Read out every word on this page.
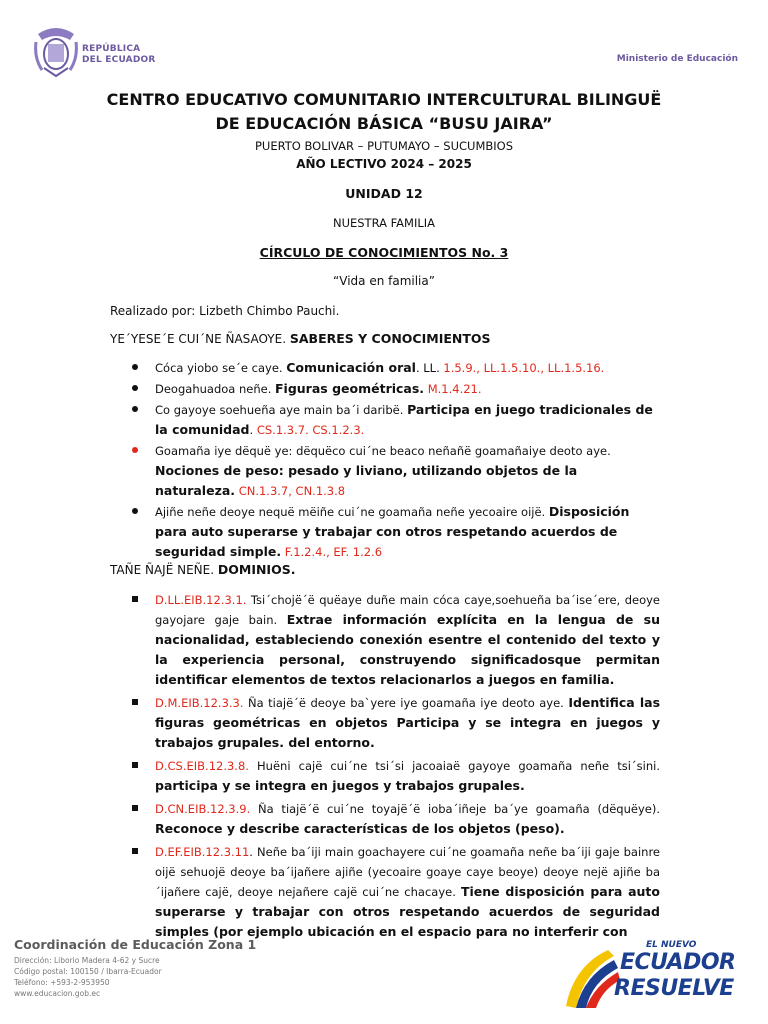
REPÚBLICA
DEL ECUADOR	Ministerio de Educación
CENTRO EDUCATIVO COMUNITARIO INTERCULTURAL BILINGUË
DE EDUCACIÓN BÁSICA “BUSU JAIRA”
PUERTO BOLIVAR – PUTUMAYO – SUCUMBIOS
AÑO LECTIVO 2024 – 2025
UNIDAD 12
NUESTRA FAMILIA
CÍRCULO DE CONOCIMIENTOS No. 3
“Vida en familia”
Realizado por: Lizbeth Chimbo Pauchi.
YE´YESE´E CUI´NE ÑASAOYE. SABERES Y CONOCIMIENTOS
Cóca yiobo se´e caye. Comunicación oral. LL. 1.5.9., LL.1.5.10., LL.1.5.16.
Deogahuadoa neñe. Figuras geométricas. M.1.4.21.
Co gayoye soehueña aye main ba´i daribë. Participa en juego tradicionales de la comunidad. CS.1.3.7. CS.1.2.3.
Goamaña iye dëquë ye: dëquëco cui´ne beaco neñañë goamañaiye deoto aye. Nociones de peso: pesado y liviano, utilizando objetos de la naturaleza. CN.1.3.7, CN.1.3.8
Ajiñe neñe deoye nequë mëiñe cui´ne goamaña neñe yecoaire oijë. Disposición para auto superarse y trabajar con otros respetando acuerdos de seguridad simple. F.1.2.4., EF. 1.2.6
TAÑE ÑAJË NEÑE. DOMINIOS.
D.LL.EIB.12.3.1. Tsi´chojë´ë quëaye duñe main cóca caye,soehueña ba´ise´ere, deoye gayojare gaje bain. Extrae información explícita en la lengua de su nacionalidad, estableciendo conexión esentre el contenido del texto y la experiencia personal, construyendo significadosque permitan identificar elementos de textos relacionarlos a juegos en familia.
D.M.EIB.12.3.3. Ña tiajë´ë deoye ba`yere iye goamaña iye deoto aye. Identifica las figuras geométricas en objetos Participa y se integra en juegos y trabajos grupales. del entorno.
D.CS.EIB.12.3.8. Huëni cajë cui´ne tsi´si jacoaiaë gayoye goamaña neñe tsi´sini. participa y se integra en juegos y trabajos grupales.
D.CN.EIB.12.3.9. Ña tiajë´ë cui´ne toyajë´ë ioba´iñeje ba´ye goamaña (dëquëye). Reconoce y describe características de los objetos (peso).
D.EF.EIB.12.3.11. Neñe ba´iji main goachayere cui´ne goamaña neñe ba´iji gaje bainre oijë sehuojë deoye ba´ijañere ajiñe (yecoaire goaye caye beoye) deoye nejë ajiñe ba´ijañere cajë, deoye nejañere cajë cui´ne chacaye. Tiene disposición para auto superarse y trabajar con otros respetando acuerdos de seguridad simples (por ejemplo ubicación en el espacio para no interferir con
Coordinación de Educación Zona 1
Dirección: Liborio Madera 4-62 y Sucre
Código postal: 100150 / Ibarra-Ecuador
Teléfono: +593-2-953950
www.educacion.gob.ec
EL NUEVO
ECUADOR
RESUELVE
